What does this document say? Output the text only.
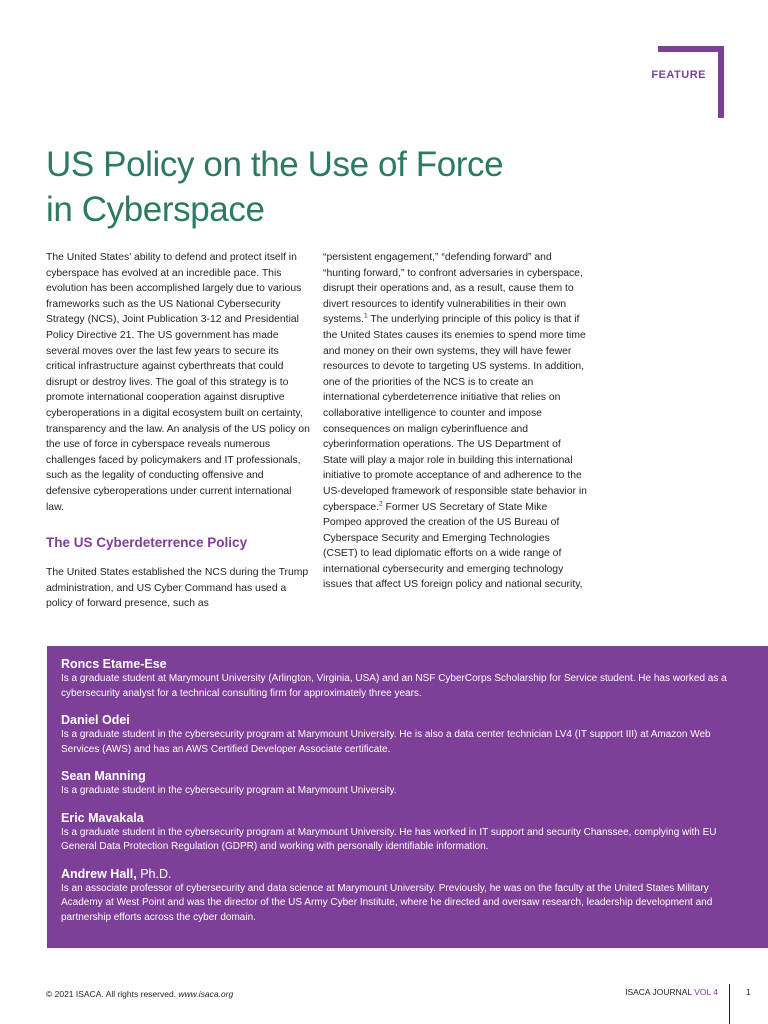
FEATURE
US Policy on the Use of Force
in Cyberspace

The United States’ ability to defend and protect itself in cyberspace has evolved at an incredible pace. This evolution has been accomplished largely due to various frameworks such as the US National Cybersecurity Strategy (NCS), Joint Publication 3-12 and Presidential Policy Directive 21. The US government has made several moves over the last few years to secure its critical infrastructure against cyberthreats that could disrupt or destroy lives. The goal of this strategy is to promote international cooperation against disruptive cyberoperations in a digital ecosystem built on certainty, transparency and the law. An analysis of the US policy on the use of force in cyberspace reveals numerous challenges faced by policymakers and IT professionals, such as the legality of conducting offensive and defensive cyberoperations under current international law.

The US Cyberdeterrence Policy

The United States established the NCS during the Trump administration, and US Cyber Command has used a policy of forward presence, such as

“persistent engagement,” “defending forward” and “hunting forward,” to confront adversaries in cyberspace, disrupt their operations and, as a result, cause them to divert resources to identify vulnerabilities in their own systems.$^1$ The underlying principle of this policy is that if the United States causes its enemies to spend more time and money on their own systems, they will have fewer resources to devote to targeting US systems. In addition, one of the priorities of the NCS is to create an international cyberdeterrence initiative that relies on collaborative intelligence to counter and impose consequences on malign cyberinfluence and cyberinformation operations. The US Department of State will play a major role in building this international initiative to promote acceptance of and adherence to the US-developed framework of responsible state behavior in cyberspace.$^2$ Former US Secretary of State Mike Pompeo approved the creation of the US Bureau of Cyberspace Security and Emerging Technologies (CSET) to lead diplomatic efforts on a wide range of international cybersecurity and emerging technology issues that affect US foreign policy and national security,

Roncs Etame-Ese
Is a graduate student at Marymount University (Arlington, Virginia, USA) and an NSF CyberCorps Scholarship for Service student. He has worked as a cybersecurity analyst for a technical consulting firm for approximately three years.
Daniel Odei
Is a graduate student in the cybersecurity program at Marymount University. He is also a data center technician LV4 (IT support III) at Amazon Web Services (AWS) and has an AWS Certified Developer Associate certificate.
Sean Manning
Is a graduate student in the cybersecurity program at Marymount University.
Eric Mavakala
Is a graduate student in the cybersecurity program at Marymount University. He has worked in IT support and security Chanssee, complying with EU General Data Protection Regulation (GDPR) and working with personally identifiable information.
Andrew Hall, Ph.D.
Is an associate professor of cybersecurity and data science at Marymount University. Previously, he was on the faculty at the United States Military Academy at West Point and was the director of the US Army Cyber Institute, where he directed and oversaw research, leadership development and partnership efforts across the cyber domain.
© 2021 ISACA. All rights reserved. www.isaca.org	ISACA JOURNAL VOL 4	1
